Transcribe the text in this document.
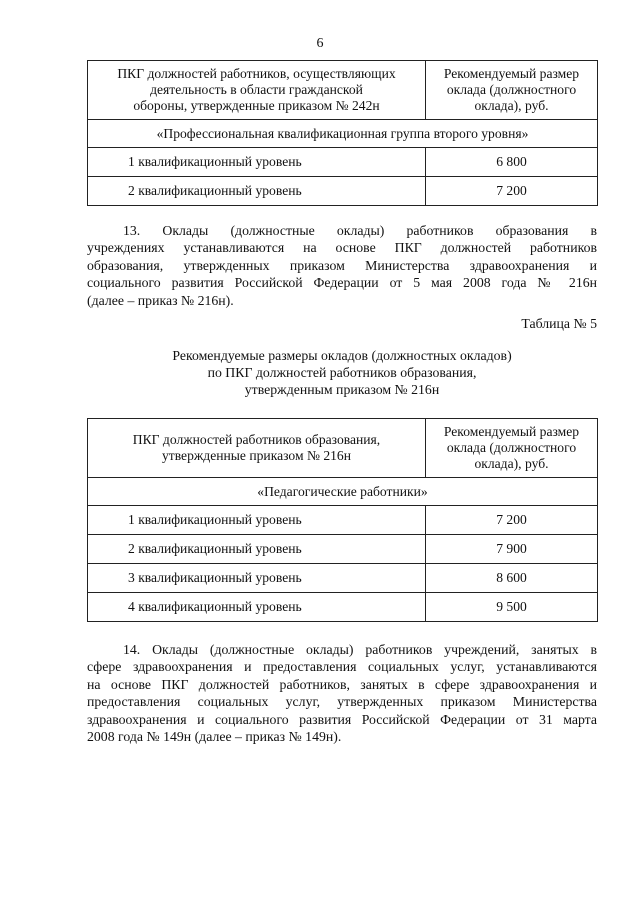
6
ПКГ должностей работников, осуществляющих
деятельность в области гражданской
обороны, утвержденные приказом № 242н	Рекомендуемый размер
оклада (должностного
оклада), руб.
«Профессиональная квалификационная группа второго уровня»	
1 квалификационный уровень	6 800
2 квалификационный уровень	7 200
13. Оклады (должностные оклады) работников образования в
учреждениях устанавливаются на основе ПКГ должностей работников
образования, утвержденных приказом Министерства здравоохранения и
социального развития Российской Федерации от 5 мая 2008 года № 216н
(далее – приказ № 216н).
Таблица № 5
Рекомендуемые размеры окладов (должностных окладов)
по ПКГ должностей работников образования,
утвержденным приказом № 216н
ПКГ должностей работников образования,
утвержденные приказом № 216н	Рекомендуемый размер
оклада (должностного
оклада), руб.
«Педагогические работники»	
1 квалификационный уровень	7 200
2 квалификационный уровень	7 900
3 квалификационный уровень	8 600
4 квалификационный уровень	9 500
14. Оклады (должностные оклады) работников учреждений, занятых в
сфере здравоохранения и предоставления социальных услуг, устанавливаются
на основе ПКГ должностей работников, занятых в сфере здравоохранения и
предоставления социальных услуг, утвержденных приказом Министерства
здравоохранения и социального развития Российской Федерации от 31 марта
2008 года № 149н (далее – приказ № 149н).
